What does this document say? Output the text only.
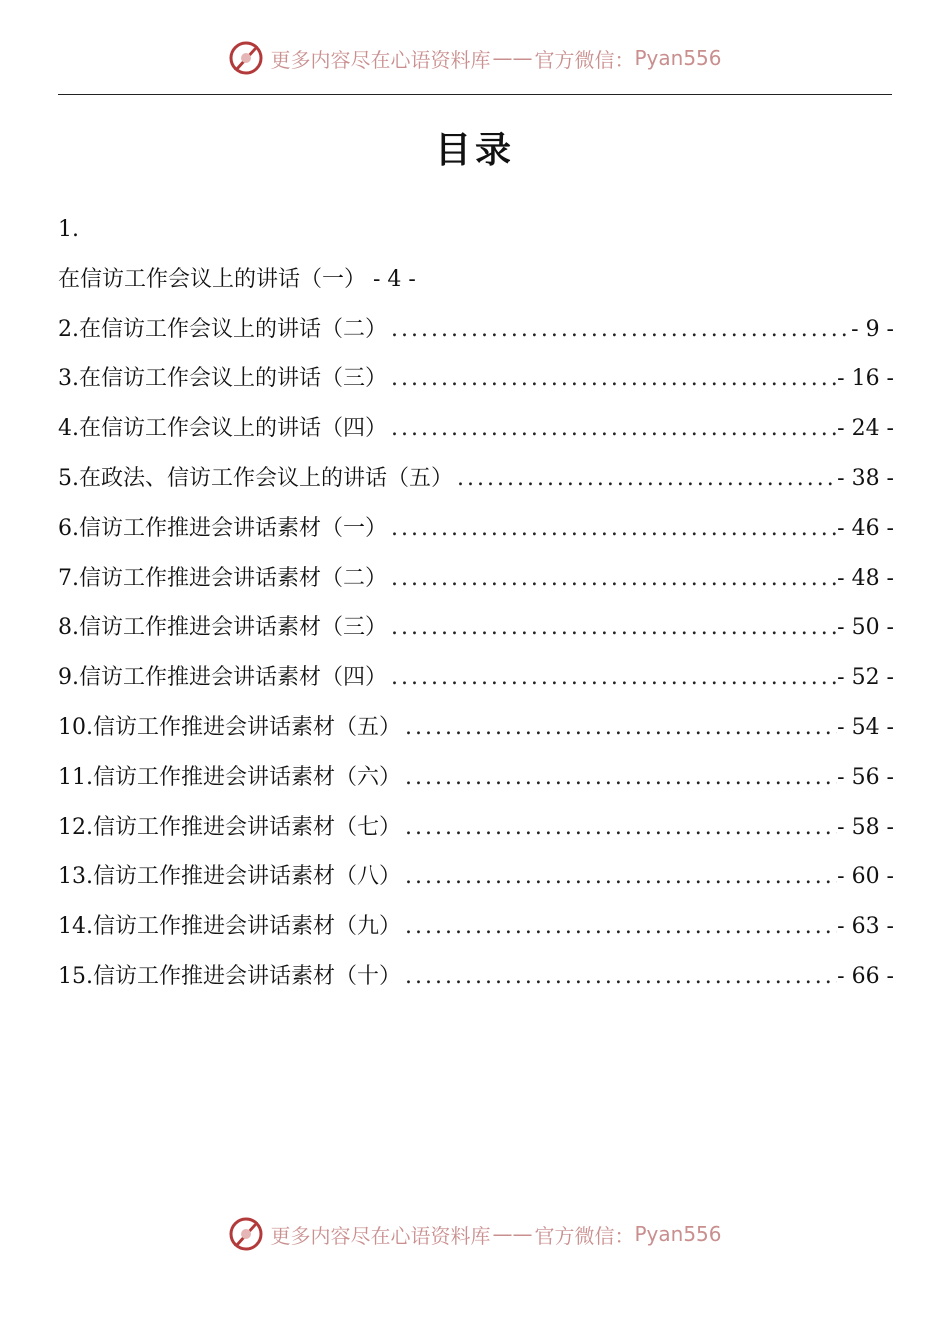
更多内容尽在心语资料库 —— 官方微信： Pyan556
目录
1.
在信访工作会议上的讲话（一） - 4 -
2.在信访工作会议上的讲话（二） .....	- 9 -
3.在信访工作会议上的讲话（三） .....	- 16 -
4.在信访工作会议上的讲话（四） .....	- 24 -
5.在政法、信访工作会议上的讲话（五） .....	- 38 -
6.信访工作推进会讲话素材（一） .....	- 46 -
7.信访工作推进会讲话素材（二） .....	- 48 -
8.信访工作推进会讲话素材（三） .....	- 50 -
9.信访工作推进会讲话素材（四） .....	- 52 -
10.信访工作推进会讲话素材（五） .....	- 54 -
11.信访工作推进会讲话素材（六） .....	- 56 -
12.信访工作推进会讲话素材（七） .....	- 58 -
13.信访工作推进会讲话素材（八） .....	- 60 -
14.信访工作推进会讲话素材（九） .....	- 63 -
15.信访工作推进会讲话素材（十） .....	- 66 -
更多内容尽在心语资料库 —— 官方微信： Pyan556
